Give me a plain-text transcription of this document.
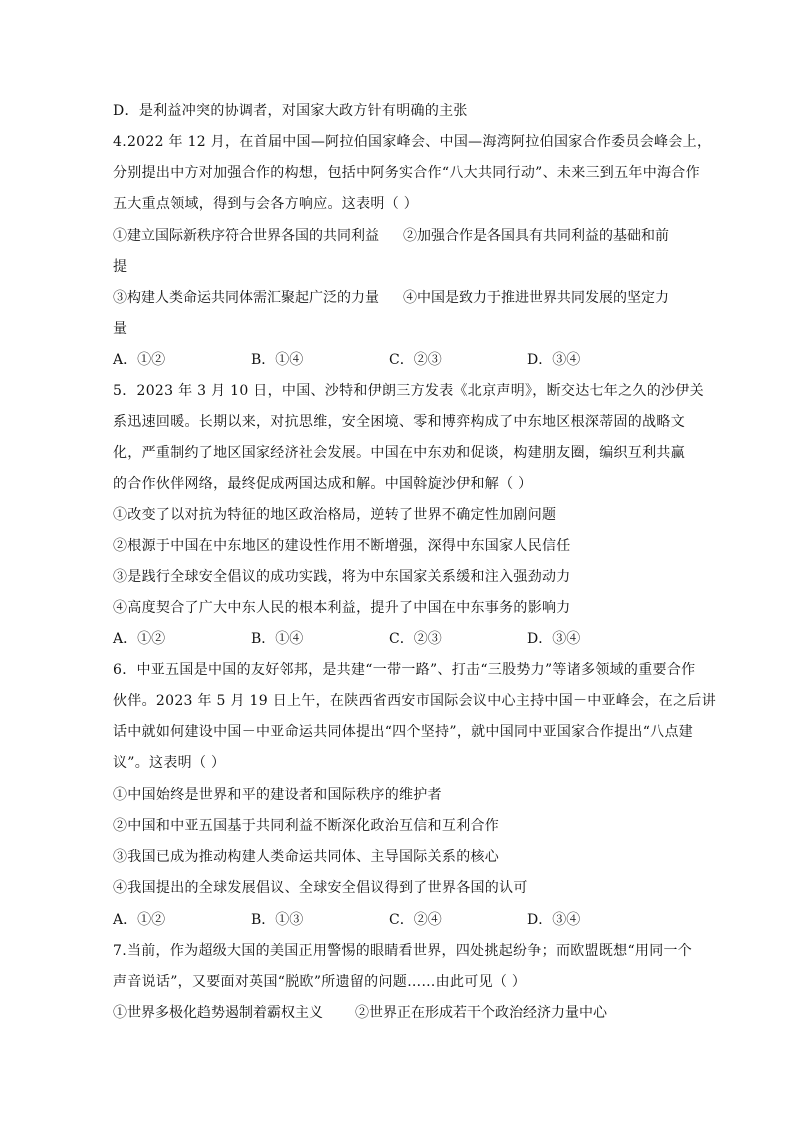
D．是利益冲突的协调者，对国家大政方针有明确的主张
4.2022 年 12 月，在首届中国—阿拉伯国家峰会、中国—海湾阿拉伯国家合作委员会峰会上，
分别提出中方对加强合作的构想，包括中阿务实合作“八大共同行动”、未来三到五年中海合作
五大重点领域，得到与会各方响应。这表明（ ）
①建立国际新秩序符合世界各国的共同利益 ②加强合作是各国具有共同利益的基础和前
提
③构建人类命运共同体需汇聚起广泛的力量 ④中国是致力于推进世界共同发展的坚定力
量
A．①②	B．①④	C．②③	D．③④
5．2023 年 3 月 10 日，中国、沙特和伊朗三方发表《北京声明》，断交达七年之久的沙伊关
系迅速回暖。长期以来，对抗思维，安全困境、零和博弈构成了中东地区根深蒂固的战略文
化，严重制约了地区国家经济社会发展。中国在中东劝和促谈，构建朋友圈，编织互利共赢
的合作伙伴网络，最终促成两国达成和解。中国斡旋沙伊和解（ ）
①改变了以对抗为特征的地区政治格局，逆转了世界不确定性加剧问题
②根源于中国在中东地区的建设性作用不断增强，深得中东国家人民信任
③是践行全球安全倡议的成功实践，将为中东国家关系缓和注入强劲动力
④高度契合了广大中东人民的根本利益，提升了中国在中东事务的影响力
A．①②	B．①④	C．②③	D．③④
6．中亚五国是中国的友好邻邦，是共建“一带一路”、打击“三股势力”等诸多领域的重要合作
伙伴。2023 年 5 月 19 日上午，在陕西省西安市国际会议中心主持中国－中亚峰会，在之后讲
话中就如何建设中国－中亚命运共同体提出“四个坚持”，就中国同中亚国家合作提出“八点建
议”。这表明（ ）
①中国始终是世界和平的建设者和国际秩序的维护者
②中国和中亚五国基于共同利益不断深化政治互信和互利合作
③我国已成为推动构建人类命运共同体、主导国际关系的核心
④我国提出的全球发展倡议、全球安全倡议得到了世界各国的认可
A．①②	B．①③	C．②④	D．③④
7.当前，作为超级大国的美国正用警惕的眼睛看世界，四处挑起纷争；而欧盟既想“用同一个
声音说话”，又要面对英国“脱欧”所遗留的问题……由此可见（ ）
①世界多极化趋势遏制着霸权主义 ②世界正在形成若干个政治经济力量中心
